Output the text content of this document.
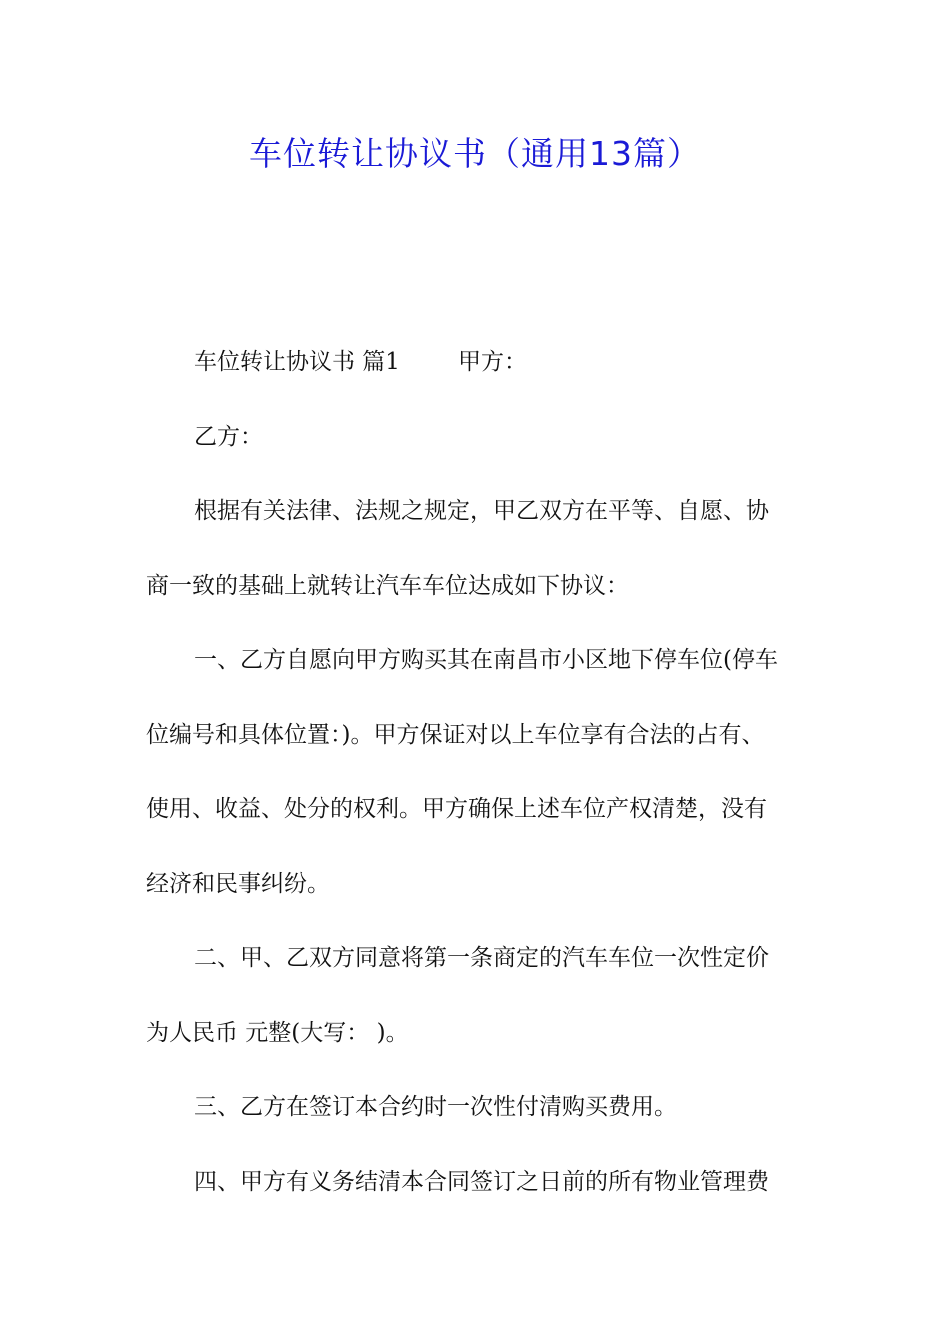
车位转让协议书（通用13篇）
车位转让协议书 篇1	甲方：
乙方：
根据有关法律、法规之规定，甲乙双方在平等、自愿、协
商一致的基础上就转让汽车车位达成如下协议：
一、乙方自愿向甲方购买其在南昌市小区地下停车位(停车
位编号和具体位置：)。甲方保证对以上车位享有合法的占有、
使用、收益、处分的权利。甲方确保上述车位产权清楚，没有
经济和民事纠纷。
二、甲、乙双方同意将第一条商定的汽车车位一次性定价
为人民币 元整(大写： )。
三、乙方在签订本合约时一次性付清购买费用。
四、甲方有义务结清本合同签订之日前的所有物业管理费
